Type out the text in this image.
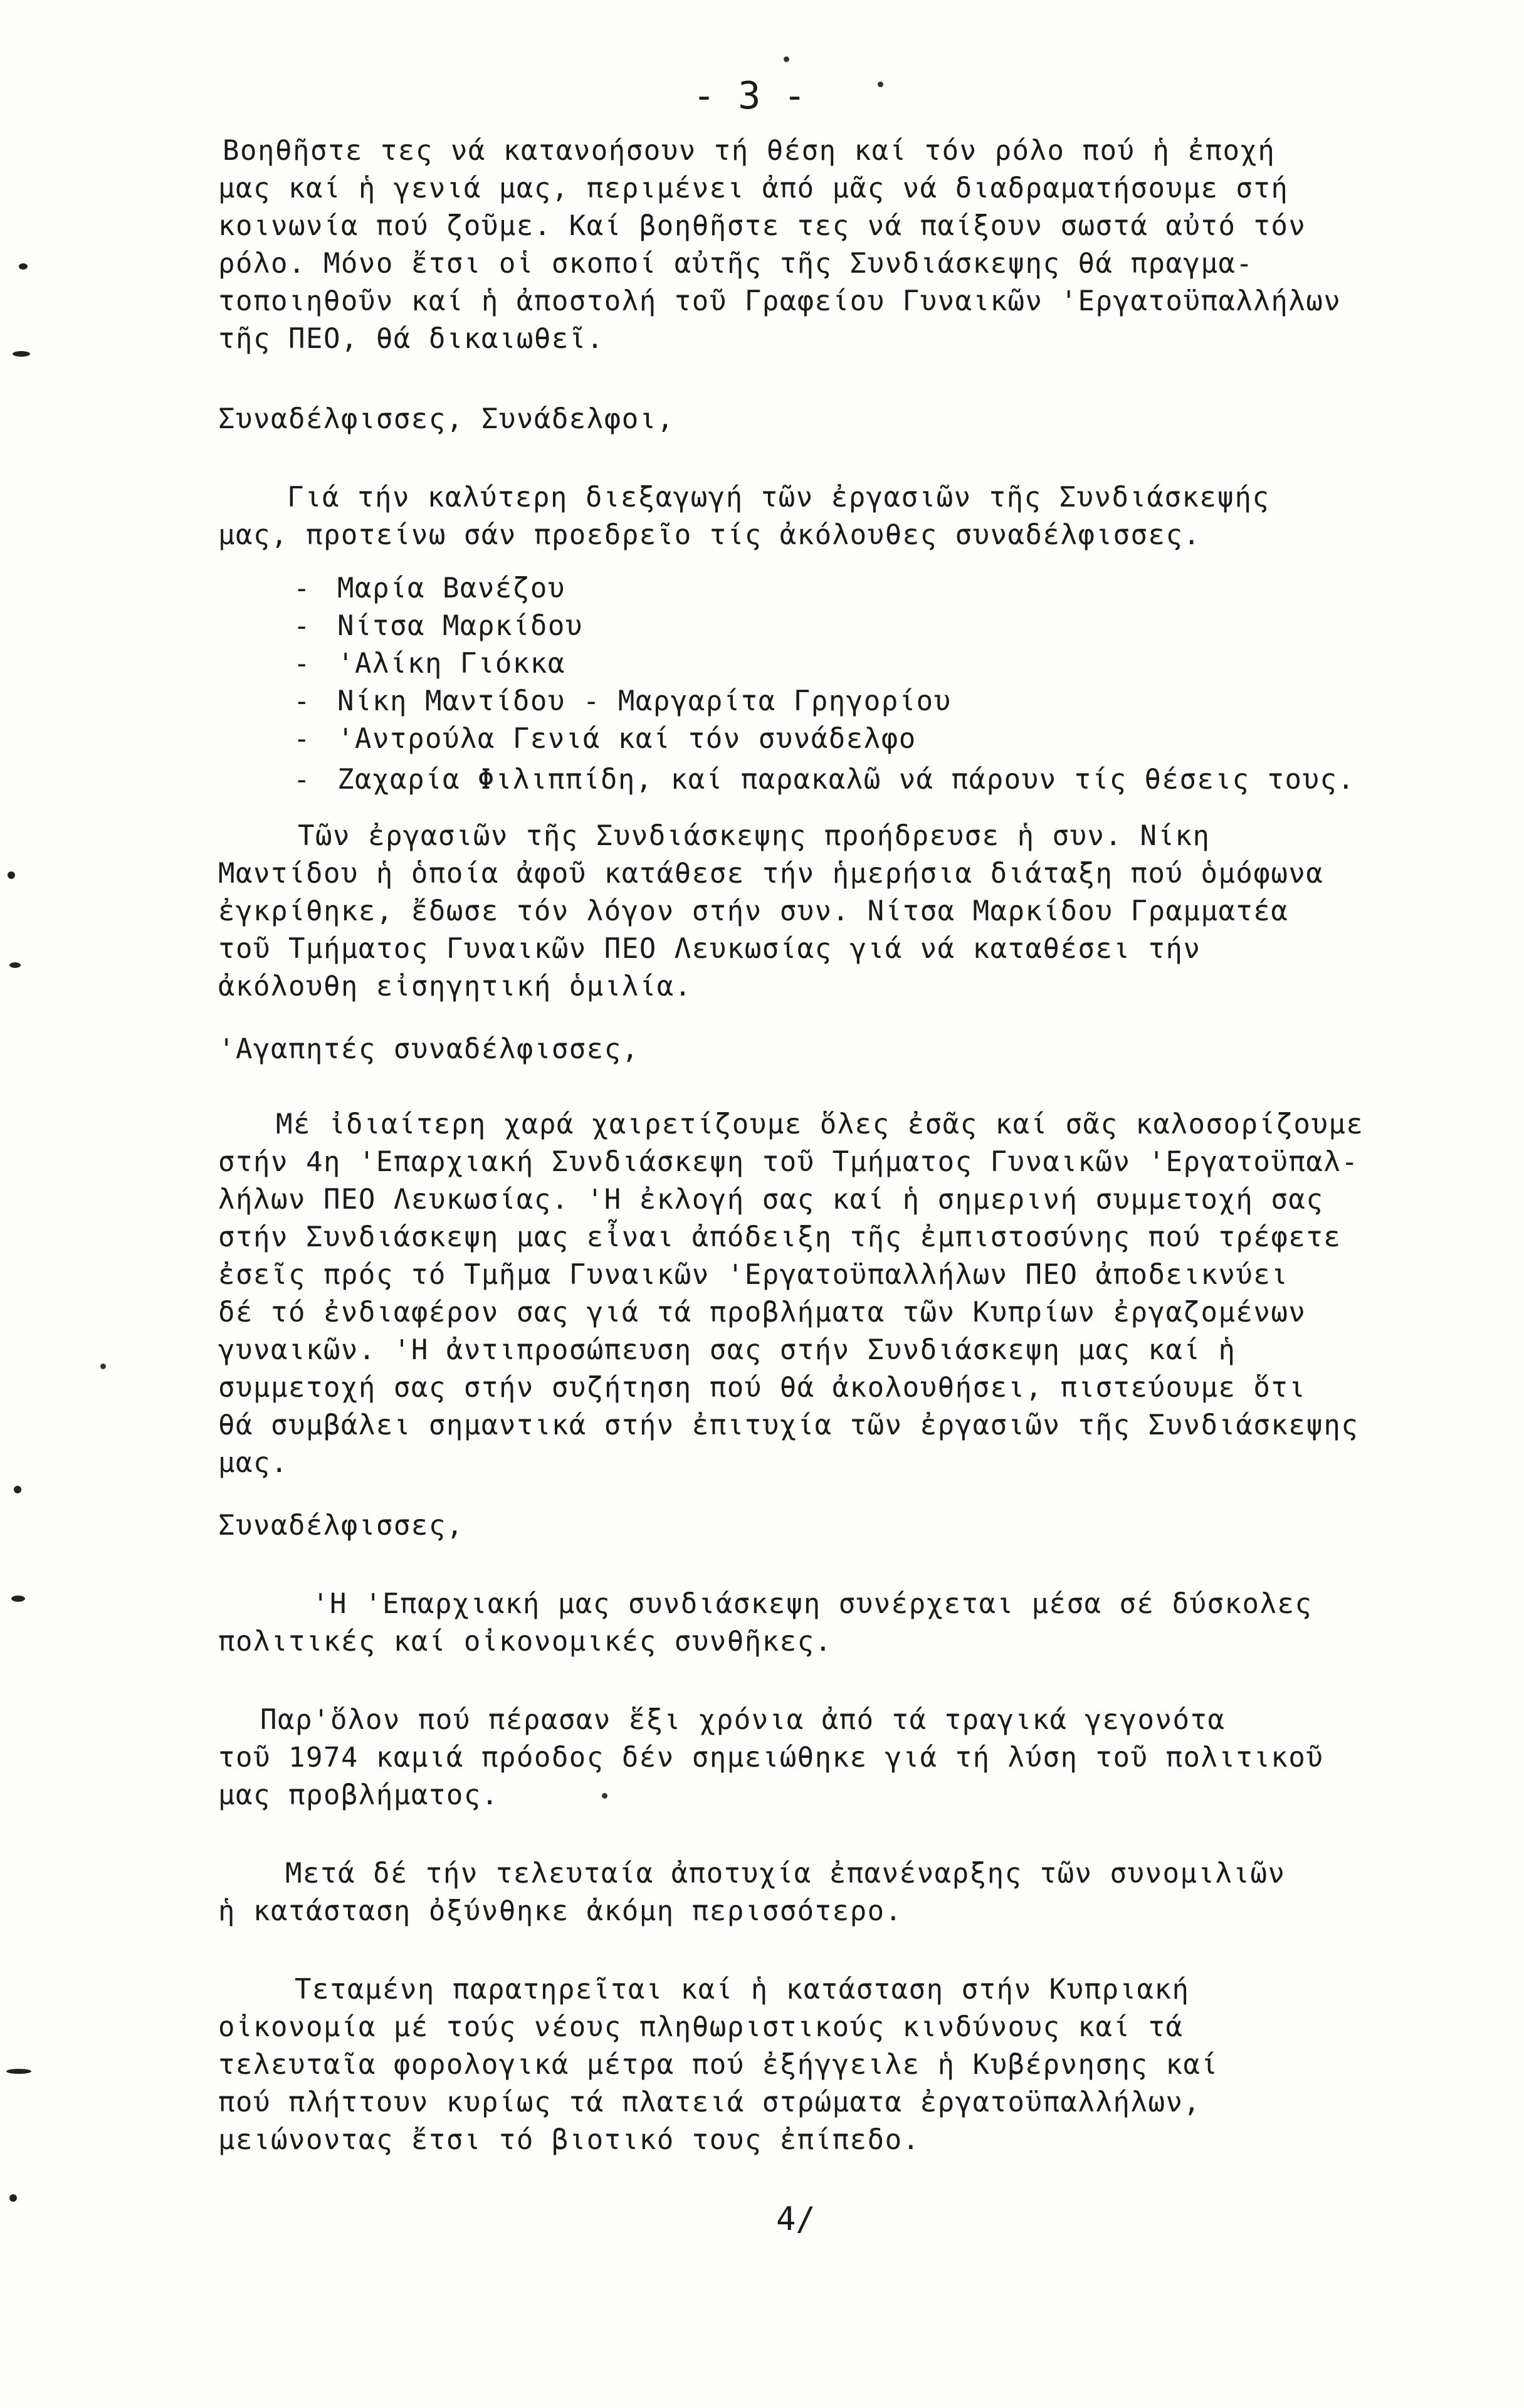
- 3 -
Βοηθῆστε τες νά κατανοήσουν τή θέση καί τόν ρόλο πού ἡ ἐποχή
μας καί ἡ γενιά μας, περιμένει ἀπό μᾶς νά διαδραματήσουμε στή
κοινωνία πού ζοῦμε. Καί βοηθῆστε τες νά παίξουν σωστά αὐτό τόν
ρόλο. Μόνο ἔτσι οἱ σκοποί αὐτῆς τῆς Συνδιάσκεψης θά πραγμα-
τοποιηθοῦν καί ἡ ἀποστολή τοῦ Γραφείου Γυναικῶν 'Εργατοϋπαλλήλων
τῆς ΠΕΟ, θά δικαιωθεῖ.
Συναδέλφισσες, Συνάδελφοι,
Γιά τήν καλύτερη διεξαγωγή τῶν ἐργασιῶν τῆς Συνδιάσκεψής
μας, προτείνω σάν προεδρεῖο τίς ἀκόλουθες συναδέλφισσες.
- Μαρία Βανέζου
- Νίτσα Μαρκίδου
- 'Αλίκη Γιόκκα
- Νίκη Μαντίδου - Μαργαρίτα Γρηγορίου
- 'Αντρούλα Γενιά καί τόν συνάδελφο
- Ζαχαρία Φιλιππίδη, καί παρακαλῶ νά πάρουν τίς θέσεις τους.
Τῶν ἐργασιῶν τῆς Συνδιάσκεψης προήδρευσε ἡ συν. Νίκη
Μαντίδου ἡ ὁποία ἀφοῦ κατάθεσε τήν ἡμερήσια διάταξη πού ὁμόφωνα
ἐγκρίθηκε, ἔδωσε τόν λόγον στήν συν. Νίτσα Μαρκίδου Γραμματέα
τοῦ Τμήματος Γυναικῶν ΠΕΟ Λευκωσίας γιά νά καταθέσει τήν
ἀκόλουθη εἰσηγητική ὁμιλία.
'Αγαπητές συναδέλφισσες,
Μέ ἰδιαίτερη χαρά χαιρετίζουμε ὅλες ἐσᾶς καί σᾶς καλοσορίζουμε
στήν 4η 'Επαρχιακή Συνδιάσκεψη τοῦ Τμήματος Γυναικῶν 'Εργατοϋπαλ-
λήλων ΠΕΟ Λευκωσίας. 'Η ἐκλογή σας καί ἡ σημερινή συμμετοχή σας
στήν Συνδιάσκεψη μας εἶναι ἀπόδειξη τῆς ἐμπιστοσύνης πού τρέφετε
ἐσεῖς πρός τό Τμῆμα Γυναικῶν 'Εργατοϋπαλλήλων ΠΕΟ ἀποδεικνύει
δέ τό ἐνδιαφέρον σας γιά τά προβλήματα τῶν Κυπρίων ἐργαζομένων
γυναικῶν. 'Η ἀντιπροσώπευση σας στήν Συνδιάσκεψη μας καί ἡ
συμμετοχή σας στήν συζήτηση πού θά ἀκολουθήσει, πιστεύουμε ὅτι
θά συμβάλει σημαντικά στήν ἐπιτυχία τῶν ἐργασιῶν τῆς Συνδιάσκεψης
μας.
Συναδέλφισσες,
'Η 'Επαρχιακή μας συνδιάσκεψη συνέρχεται μέσα σέ δύσκολες
πολιτικές καί οἰκονομικές συνθῆκες.
Παρ'ὅλον πού πέρασαν ἕξι χρόνια ἀπό τά τραγικά γεγονότα
τοῦ 1974 καμιά πρόοδος δέν σημειώθηκε γιά τή λύση τοῦ πολιτικοῦ
μας προβλήματος.
Μετά δέ τήν τελευταία ἀποτυχία ἐπανέναρξης τῶν συνομιλιῶν
ἡ κατάσταση ὀξύνθηκε ἀκόμη περισσότερο.
Τεταμένη παρατηρεῖται καί ἡ κατάσταση στήν Κυπριακή
οἰκονομία μέ τούς νέους πληθωριστικούς κινδύνους καί τά
τελευταῖα φορολογικά μέτρα πού ἐξήγγειλε ἡ Κυβέρνησης καί
πού πλήττουν κυρίως τά πλατειά στρώματα ἐργατοϋπαλλήλων,
μειώνοντας ἔτσι τό βιοτικό τους ἐπίπεδο.
4/
